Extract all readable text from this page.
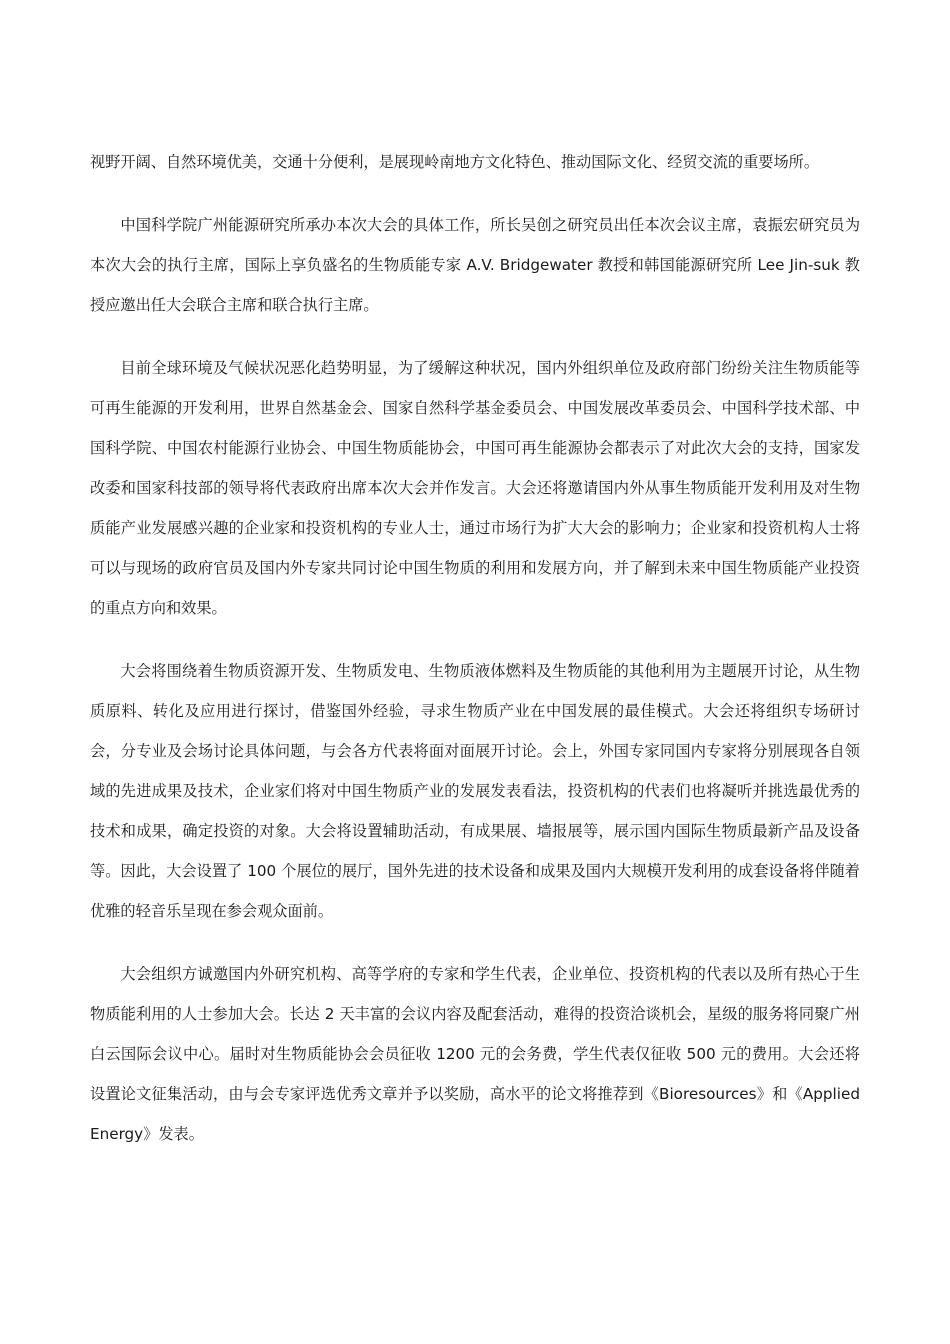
视野开阔、自然环境优美，交通十分便利，是展现岭南地方文化特色、推动国际文化、经贸交流的重要场所。

中国科学院广州能源研究所承办本次大会的具体工作，所长吴创之研究员出任本次会议主席，袁振宏研究员为本次大会的执行主席，国际上享负盛名的生物质能专家 A.V. Bridgewater 教授和韩国能源研究所 Lee Jin-suk 教授应邀出任大会联合主席和联合执行主席。

目前全球环境及气候状况恶化趋势明显，为了缓解这种状况，国内外组织单位及政府部门纷纷关注生物质能等可再生能源的开发利用，世界自然基金会、国家自然科学基金委员会、中国发展改革委员会、中国科学技术部、中国科学院、中国农村能源行业协会、中国生物质能协会，中国可再生能源协会都表示了对此次大会的支持，国家发改委和国家科技部的领导将代表政府出席本次大会并作发言。大会还将邀请国内外从事生物质能开发利用及对生物质能产业发展感兴趣的企业家和投资机构的专业人士，通过市场行为扩大大会的影响力；企业家和投资机构人士将可以与现场的政府官员及国内外专家共同讨论中国生物质的利用和发展方向，并了解到未来中国生物质能产业投资的重点方向和效果。

大会将围绕着生物质资源开发、生物质发电、生物质液体燃料及生物质能的其他利用为主题展开讨论，从生物质原料、转化及应用进行探讨，借鉴国外经验，寻求生物质产业在中国发展的最佳模式。大会还将组织专场研讨会，分专业及会场讨论具体问题，与会各方代表将面对面展开讨论。会上，外国专家同国内专家将分别展现各自领域的先进成果及技术，企业家们将对中国生物质产业的发展发表看法，投资机构的代表们也将凝听并挑选最优秀的技术和成果，确定投资的对象。大会将设置辅助活动，有成果展、墙报展等，展示国内国际生物质最新产品及设备等。因此，大会设置了 100 个展位的展厅，国外先进的技术设备和成果及国内大规模开发利用的成套设备将伴随着优雅的轻音乐呈现在参会观众面前。

大会组织方诚邀国内外研究机构、高等学府的专家和学生代表，企业单位、投资机构的代表以及所有热心于生物质能利用的人士参加大会。长达 2 天丰富的会议内容及配套活动，难得的投资洽谈机会，星级的服务将同聚广州白云国际会议中心。届时对生物质能协会会员征收 1200 元的会务费，学生代表仅征收 500 元的费用。大会还将设置论文征集活动，由与会专家评选优秀文章并予以奖励，高水平的论文将推荐到《Bioresources》和《Applied Energy》发表。
